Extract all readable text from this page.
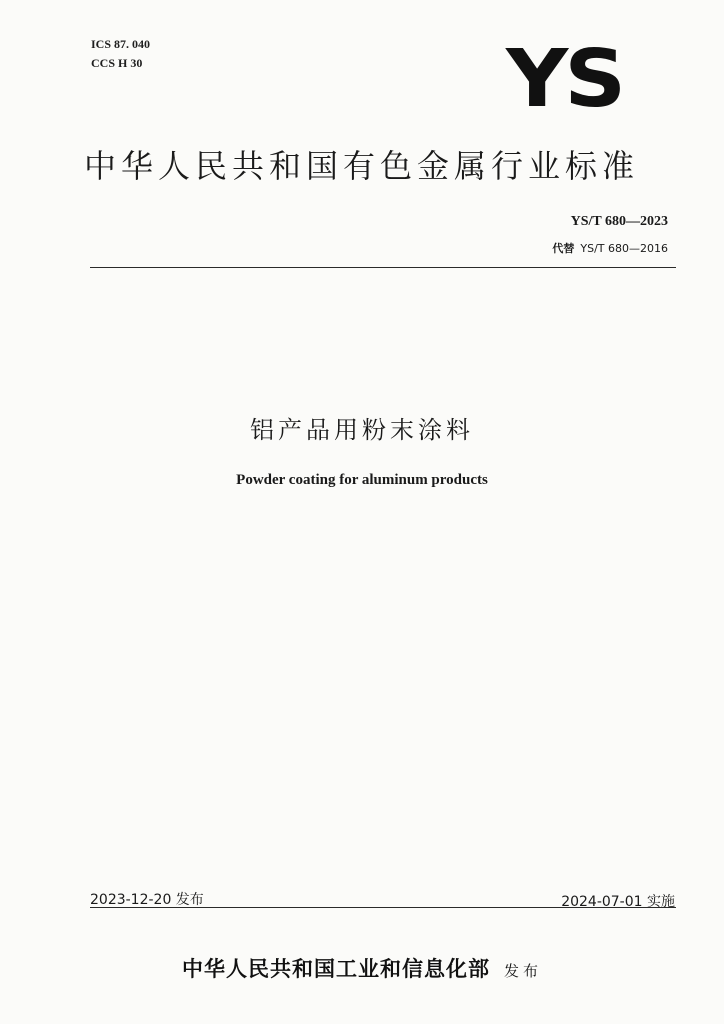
ICS 87. 040
CCS H 30	YS
中华人民共和国有色金属行业标准
YS/T 680—2023
代替 YS/T 680—2016
铝产品用粉末涂料
Powder coating for aluminum products
2023-12-20 发布	2024-07-01 实施
中华人民共和国工业和信息化部 发布
